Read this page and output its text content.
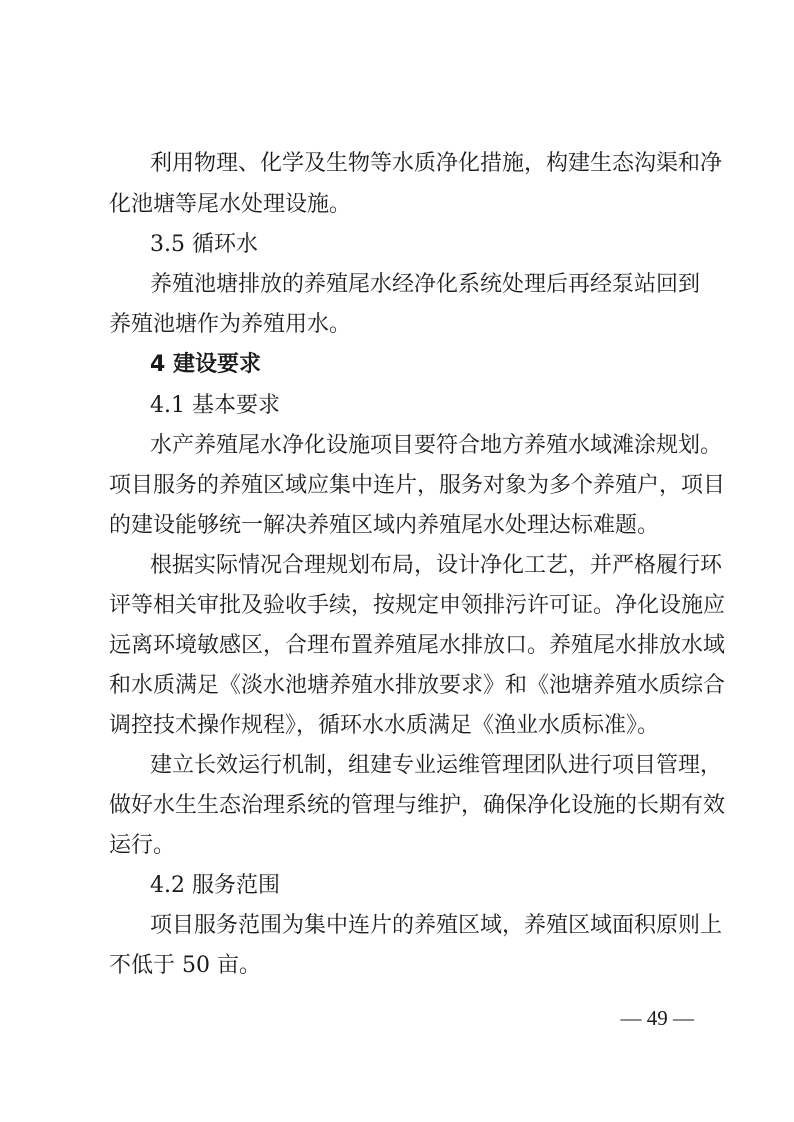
利用物理、化学及生物等水质净化措施，构建生态沟渠和净
化池塘等尾水处理设施。
3.5 循环水
养殖池塘排放的养殖尾水经净化系统处理后再经泵站回到
养殖池塘作为养殖用水。
4 建设要求
4.1 基本要求
水产养殖尾水净化设施项目要符合地方养殖水域滩涂规划。
项目服务的养殖区域应集中连片，服务对象为多个养殖户，项目
的建设能够统一解决养殖区域内养殖尾水处理达标难题。
根据实际情况合理规划布局，设计净化工艺，并严格履行环
评等相关审批及验收手续，按规定申领排污许可证。净化设施应
远离环境敏感区，合理布置养殖尾水排放口。养殖尾水排放水域
和水质满足《淡水池塘养殖水排放要求》和《池塘养殖水质综合
调控技术操作规程》，循环水水质满足《渔业水质标准》。
建立长效运行机制，组建专业运维管理团队进行项目管理，
做好水生生态治理系统的管理与维护，确保净化设施的长期有效
运行。
4.2 服务范围
项目服务范围为集中连片的养殖区域，养殖区域面积原则上
不低于 50 亩。
— 49 —
